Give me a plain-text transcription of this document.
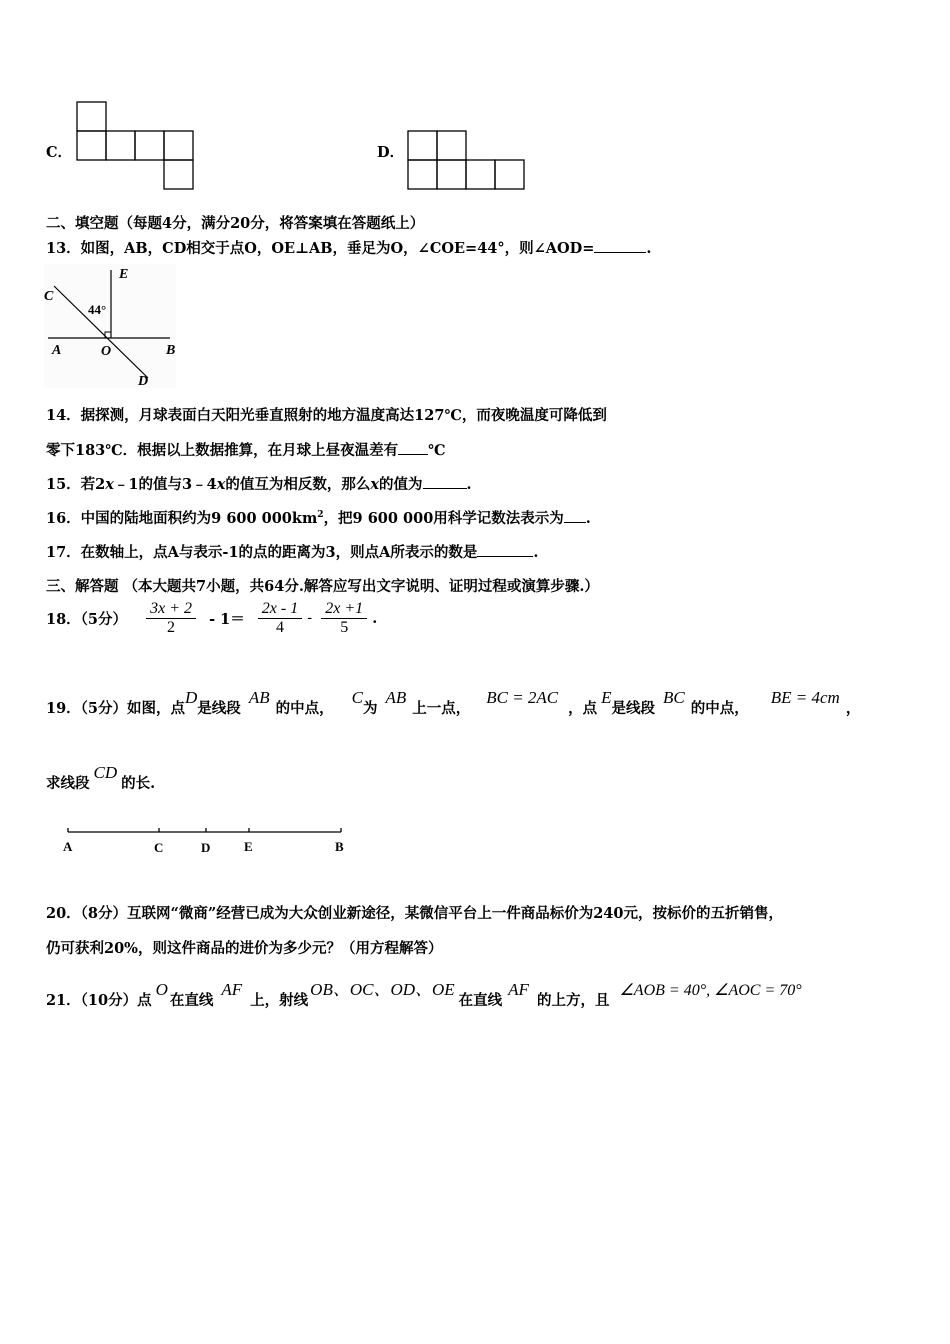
C．	D．
二、填空题（每题4分，满分20分，将答案填在答题纸上）
13．如图，AB，CD相交于点O，OE⊥AB，垂足为O，∠COE=44°，则∠AOD=	.
E
C
44°
A	O	B
D
14．据探测，月球表面白天阳光垂直照射的地方温度高达127℃，而夜晚温度可降低到
零下183℃．根据以上数据推算，在月球上昼夜温差有 ℃
15．若2x﹣1的值与3﹣4x的值互为相反数，那么x的值为	.
16．中国的陆地面积约为9 600 $000km^2$，把9 600 000用科学记数法表示为 .
17．在数轴上，点A与表示-1的点的距离为3，则点A所表示的数是	.
三、解答题 （本大题共7小题，共64分.解答应写出文字说明、证明过程或演算步骤.）
18．（5分） $\frac{3x + 2}{2} - 1= \frac{2x - 1}{4} - \frac{2x +1}{5}$ .
19．（5分）如图，点D是线段AB的中点，C为AB上一点，BC = 2AC，点E是线段BC的中点，BE = 4cm，
求线段CD的长.
A	C	D	E	B
20．（8分）互联网“微商”经营已成为大众创业新途径，某微信平台上一件商品标价为240元，按标价的五折销售，
仍可获利20%，则这件商品的进价为多少元？（用方程解答）
21．（10分）点O在直线AF上，射线OB、OC、OD、OE在直线AF的上方，且∠AOB = 40°, ∠AOC = 70°
